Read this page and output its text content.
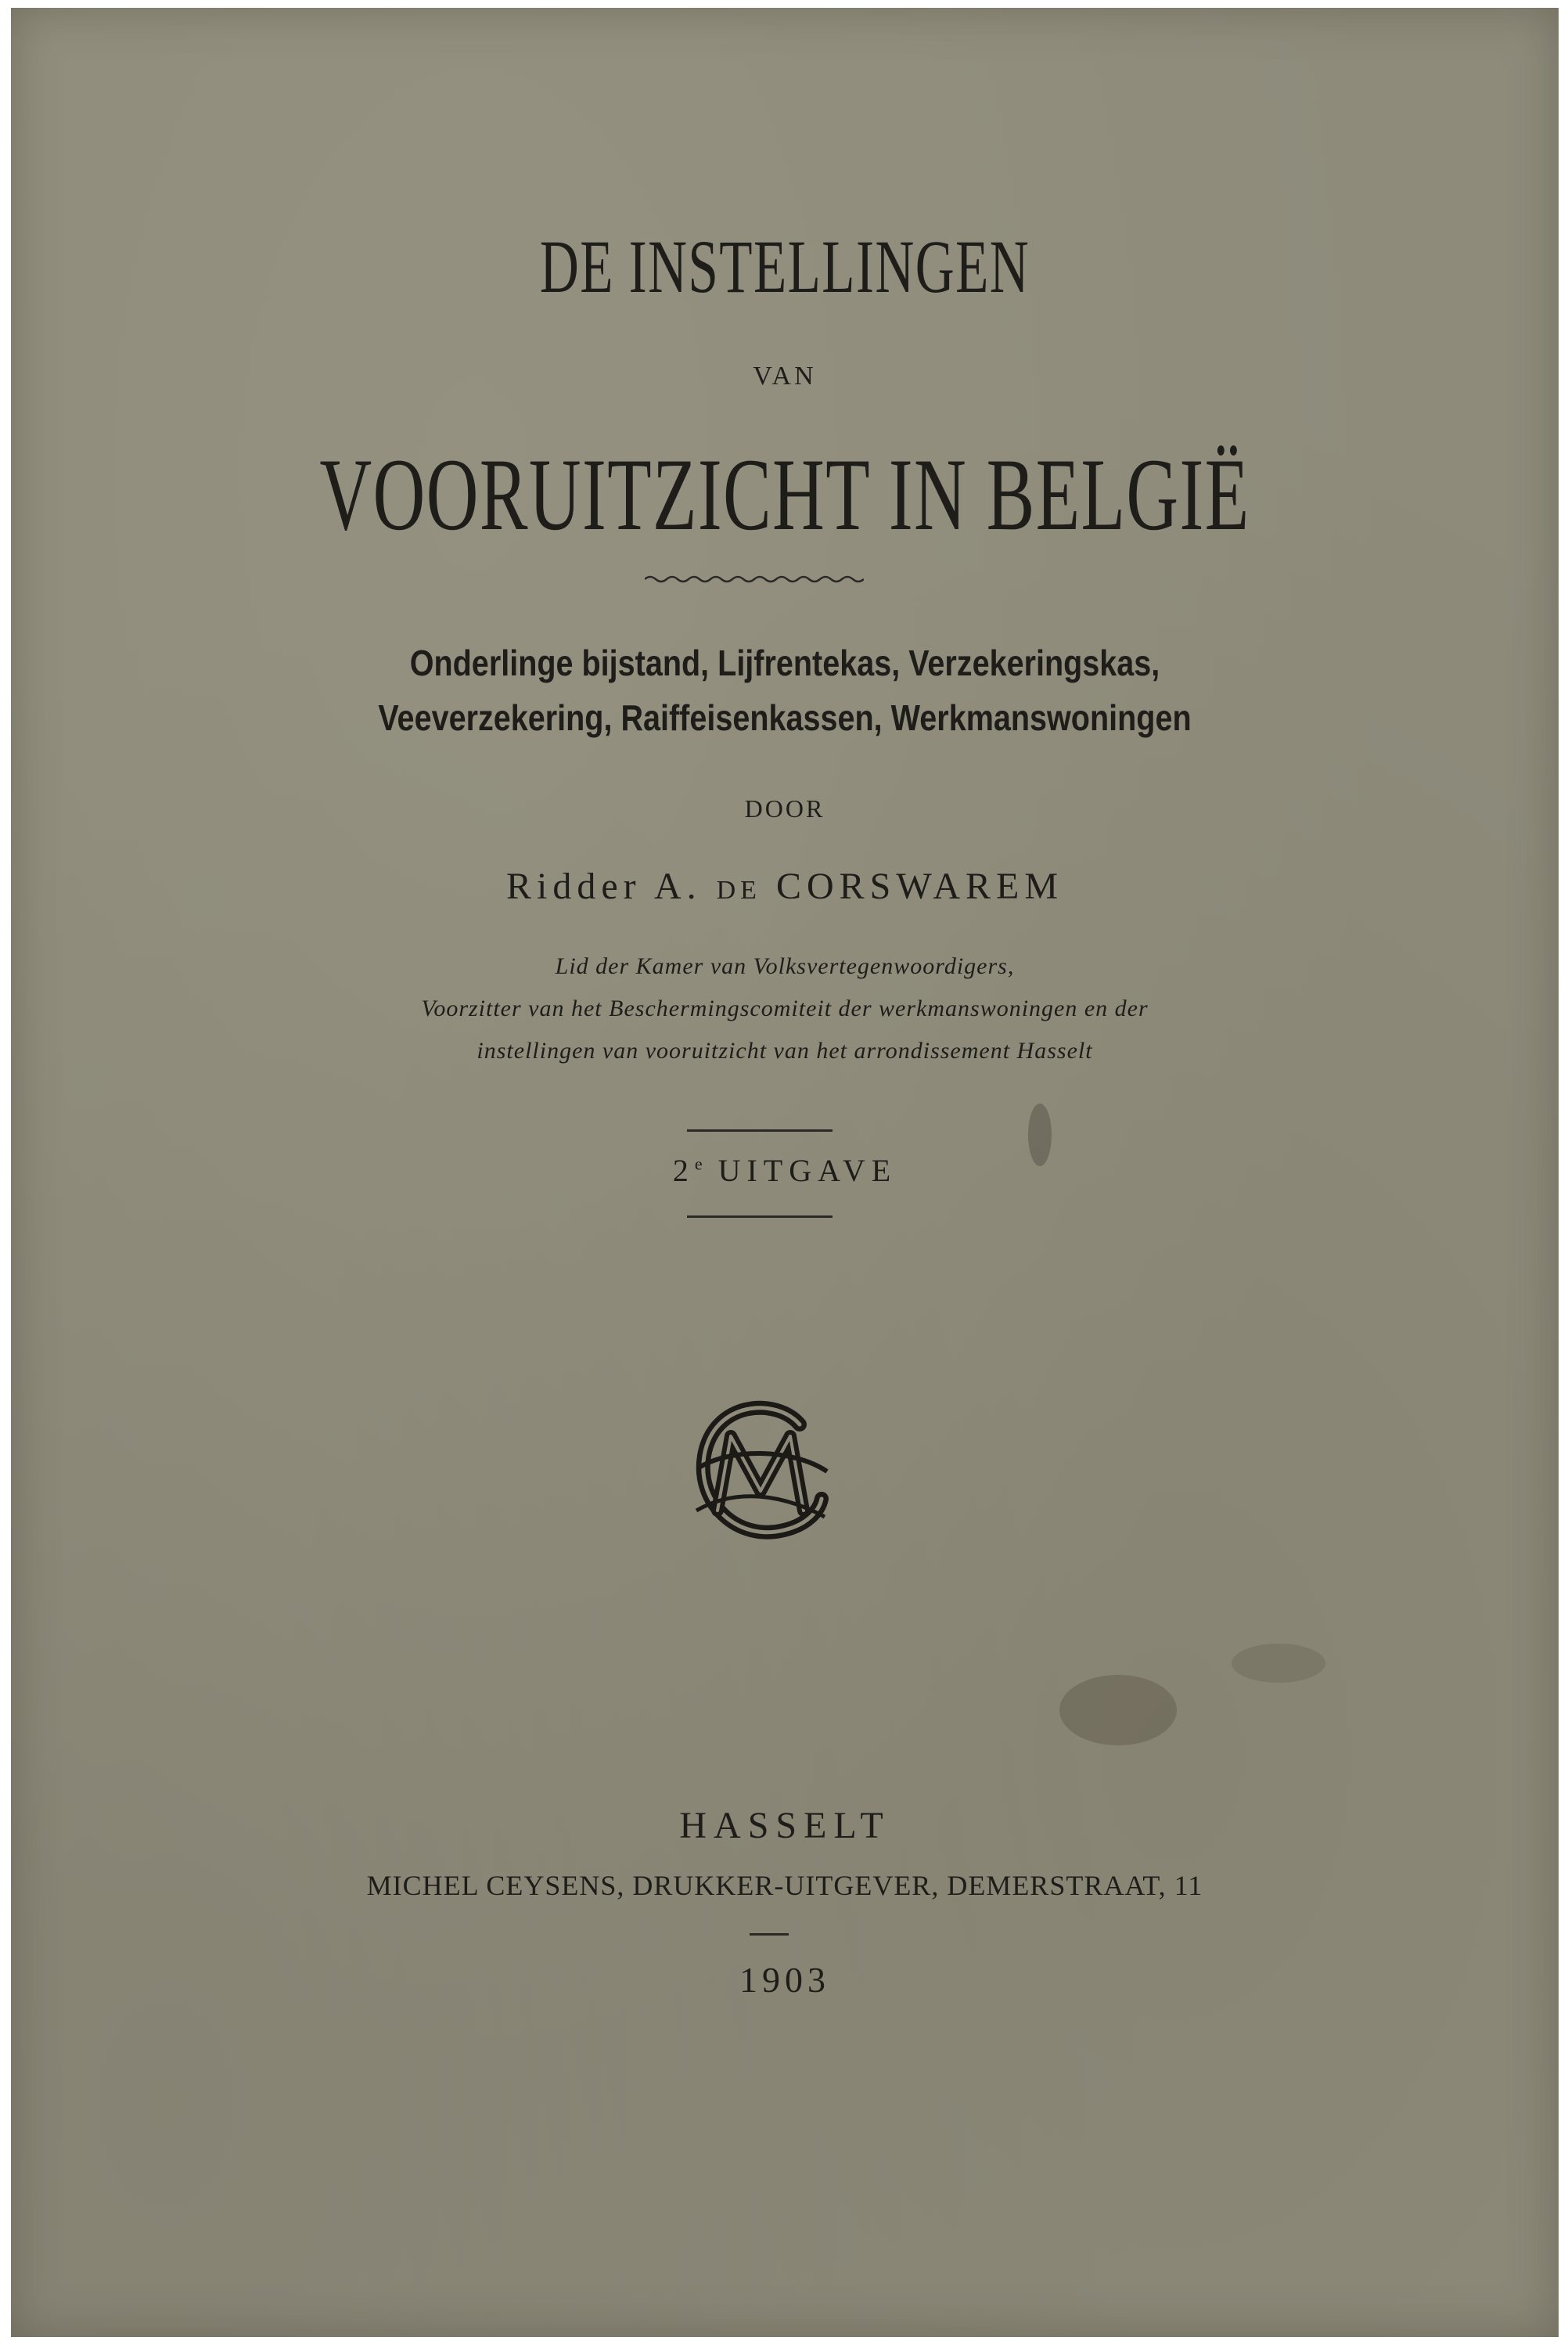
DE INSTELLINGEN
VAN
VOORUITZICHT IN BELGIË
Onderlinge bijstand, Lijfrentekas, Verzekeringskas,
Veeverzekering, Raiffeisenkassen, Werkmanswoningen
DOOR
Ridder A. DE CORSWAREM
Lid der Kamer van Volksvertegenwoordigers,
Voorzitter van het Beschermingscomiteit der werkmanswoningen en der
instellingen van vooruitzicht van het arrondissement Hasselt
2e UITGAVE
HASSELT
MICHEL CEYSENS, DRUKKER-UITGEVER, DEMERSTRAAT, 11
1903
